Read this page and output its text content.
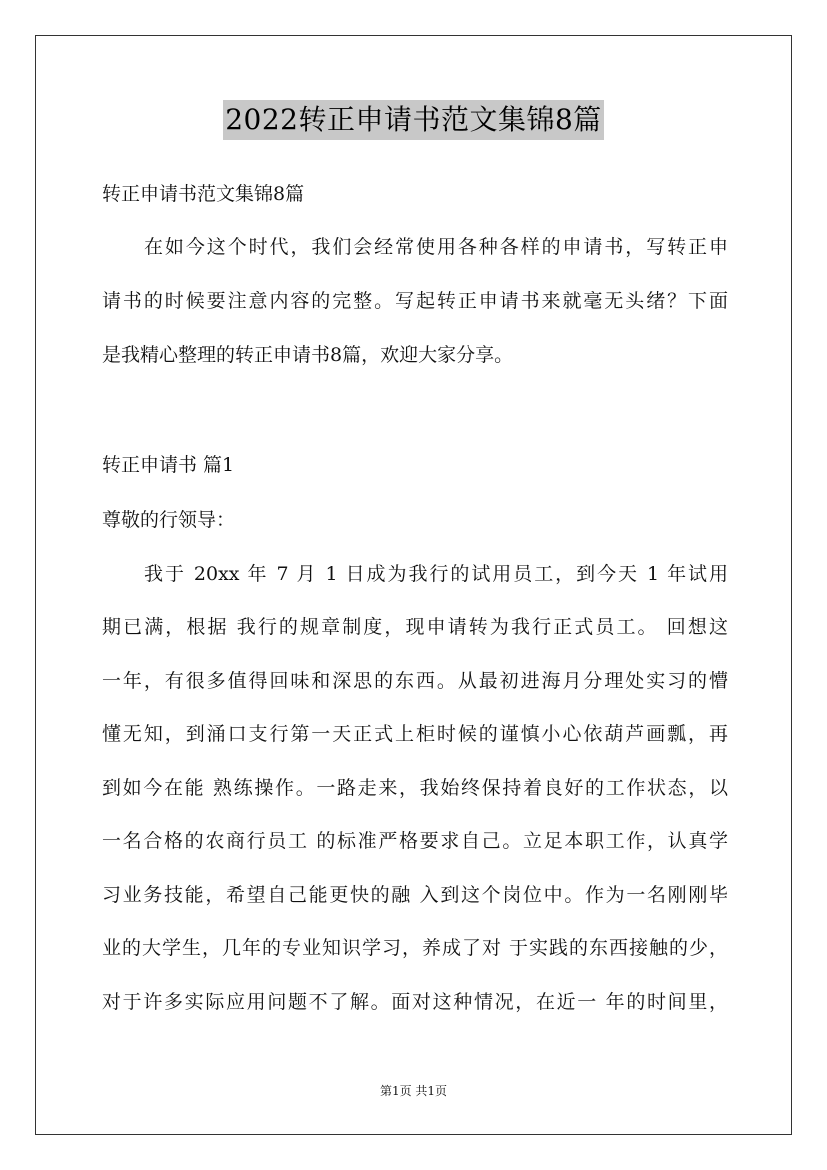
2022转正申请书范文集锦8篇
转正申请书范文集锦8篇
在如今这个时代，我们会经常使用各种各样的申请书，写转正申
请书的时候要注意内容的完整。写起转正申请书来就毫无头绪？下面
是我精心整理的转正申请书8篇，欢迎大家分享。
转正申请书 篇1
尊敬的行领导：
我于 20xx 年 7 月 1 日成为我行的试用员工，到今天 1 年试用
期已满，根据 我行的规章制度，现申请转为我行正式员工。 回想这
一年，有很多值得回味和深思的东西。从最初进海月分理处实习的懵
懂无知，到涌口支行第一天正式上柜时候的谨慎小心依葫芦画瓢，再
到如今在能 熟练操作。一路走来，我始终保持着良好的工作状态，以
一名合格的农商行员工 的标准严格要求自己。立足本职工作，认真学
习业务技能，希望自己能更快的融 入到这个岗位中。作为一名刚刚毕
业的大学生，几年的专业知识学习，养成了对 于实践的东西接触的少，
对于许多实际应用问题不了解。面对这种情况，在近一 年的时间里，
第1页 共1页
